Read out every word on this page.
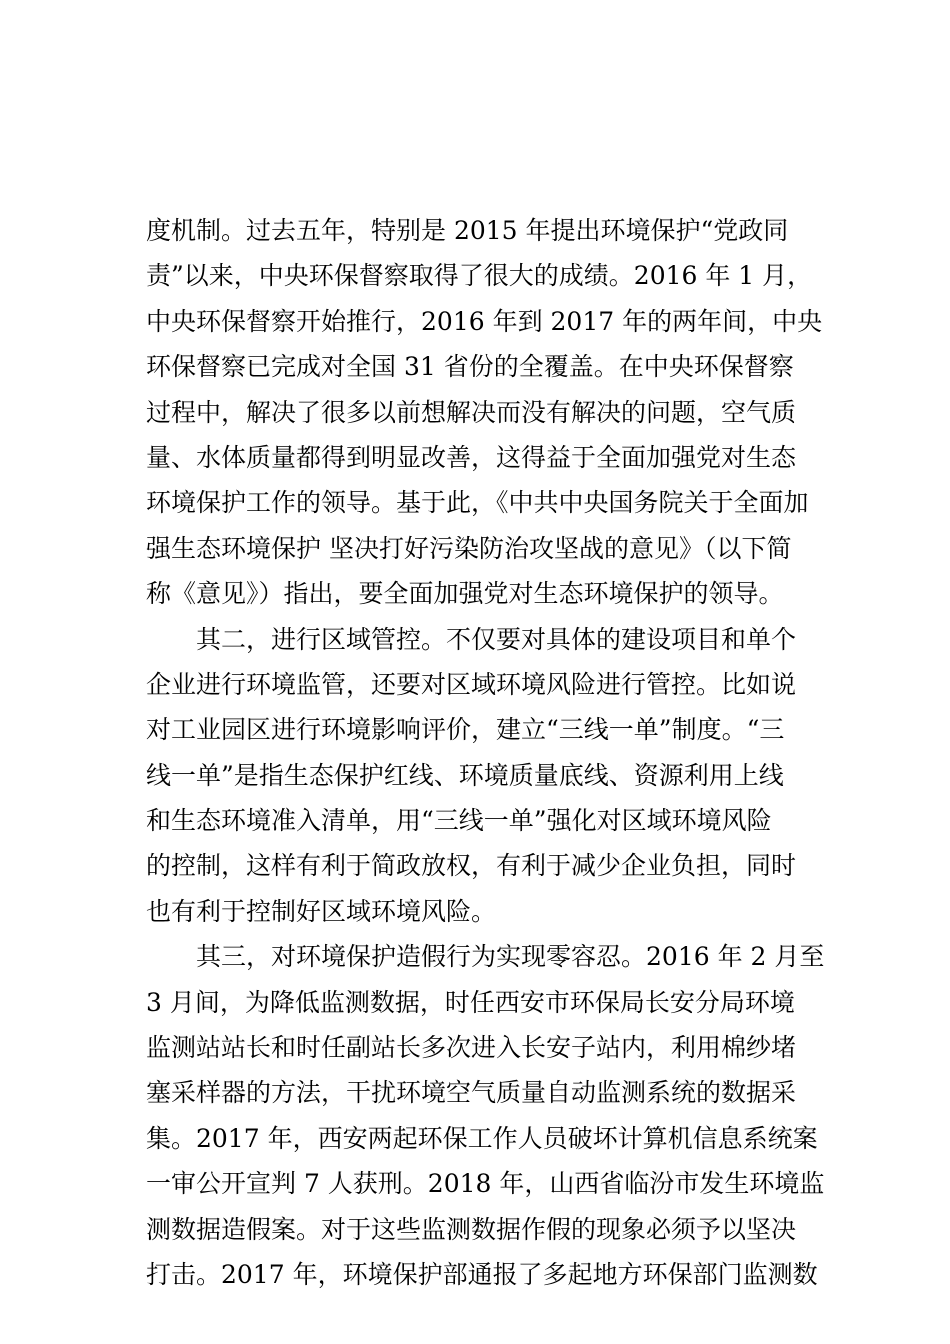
度机制。过去五年，特别是 2015 年提出环境保护“党政同
责”以来，中央环保督察取得了很大的成绩。2016 年 1 月，
中央环保督察开始推行，2016 年到 2017 年的两年间，中央
环保督察已完成对全国 31 省份的全覆盖。在中央环保督察
过程中，解决了很多以前想解决而没有解决的问题，空气质
量、水体质量都得到明显改善，这得益于全面加强党对生态
环境保护工作的领导。基于此，《中共中央国务院关于全面加
强生态环境保护 坚决打好污染防治攻坚战的意见》（以下简
称《意见》）指出，要全面加强党对生态环境保护的领导。
其二，进行区域管控。不仅要对具体的建设项目和单个
企业进行环境监管，还要对区域环境风险进行管控。比如说
对工业园区进行环境影响评价，建立“三线一单”制度。“三
线一单”是指生态保护红线、环境质量底线、资源利用上线
和生态环境准入清单，用“三线一单”强化对区域环境风险
的控制，这样有利于简政放权，有利于减少企业负担，同时
也有利于控制好区域环境风险。
其三，对环境保护造假行为实现零容忍。2016 年 2 月至
3 月间，为降低监测数据，时任西安市环保局长安分局环境
监测站站长和时任副站长多次进入长安子站内，利用棉纱堵
塞采样器的方法，干扰环境空气质量自动监测系统的数据采
集。2017 年，西安两起环保工作人员破坏计算机信息系统案
一审公开宣判 7 人获刑。2018 年，山西省临汾市发生环境监
测数据造假案。对于这些监测数据作假的现象必须予以坚决
打击。2017 年，环境保护部通报了多起地方环保部门监测数
